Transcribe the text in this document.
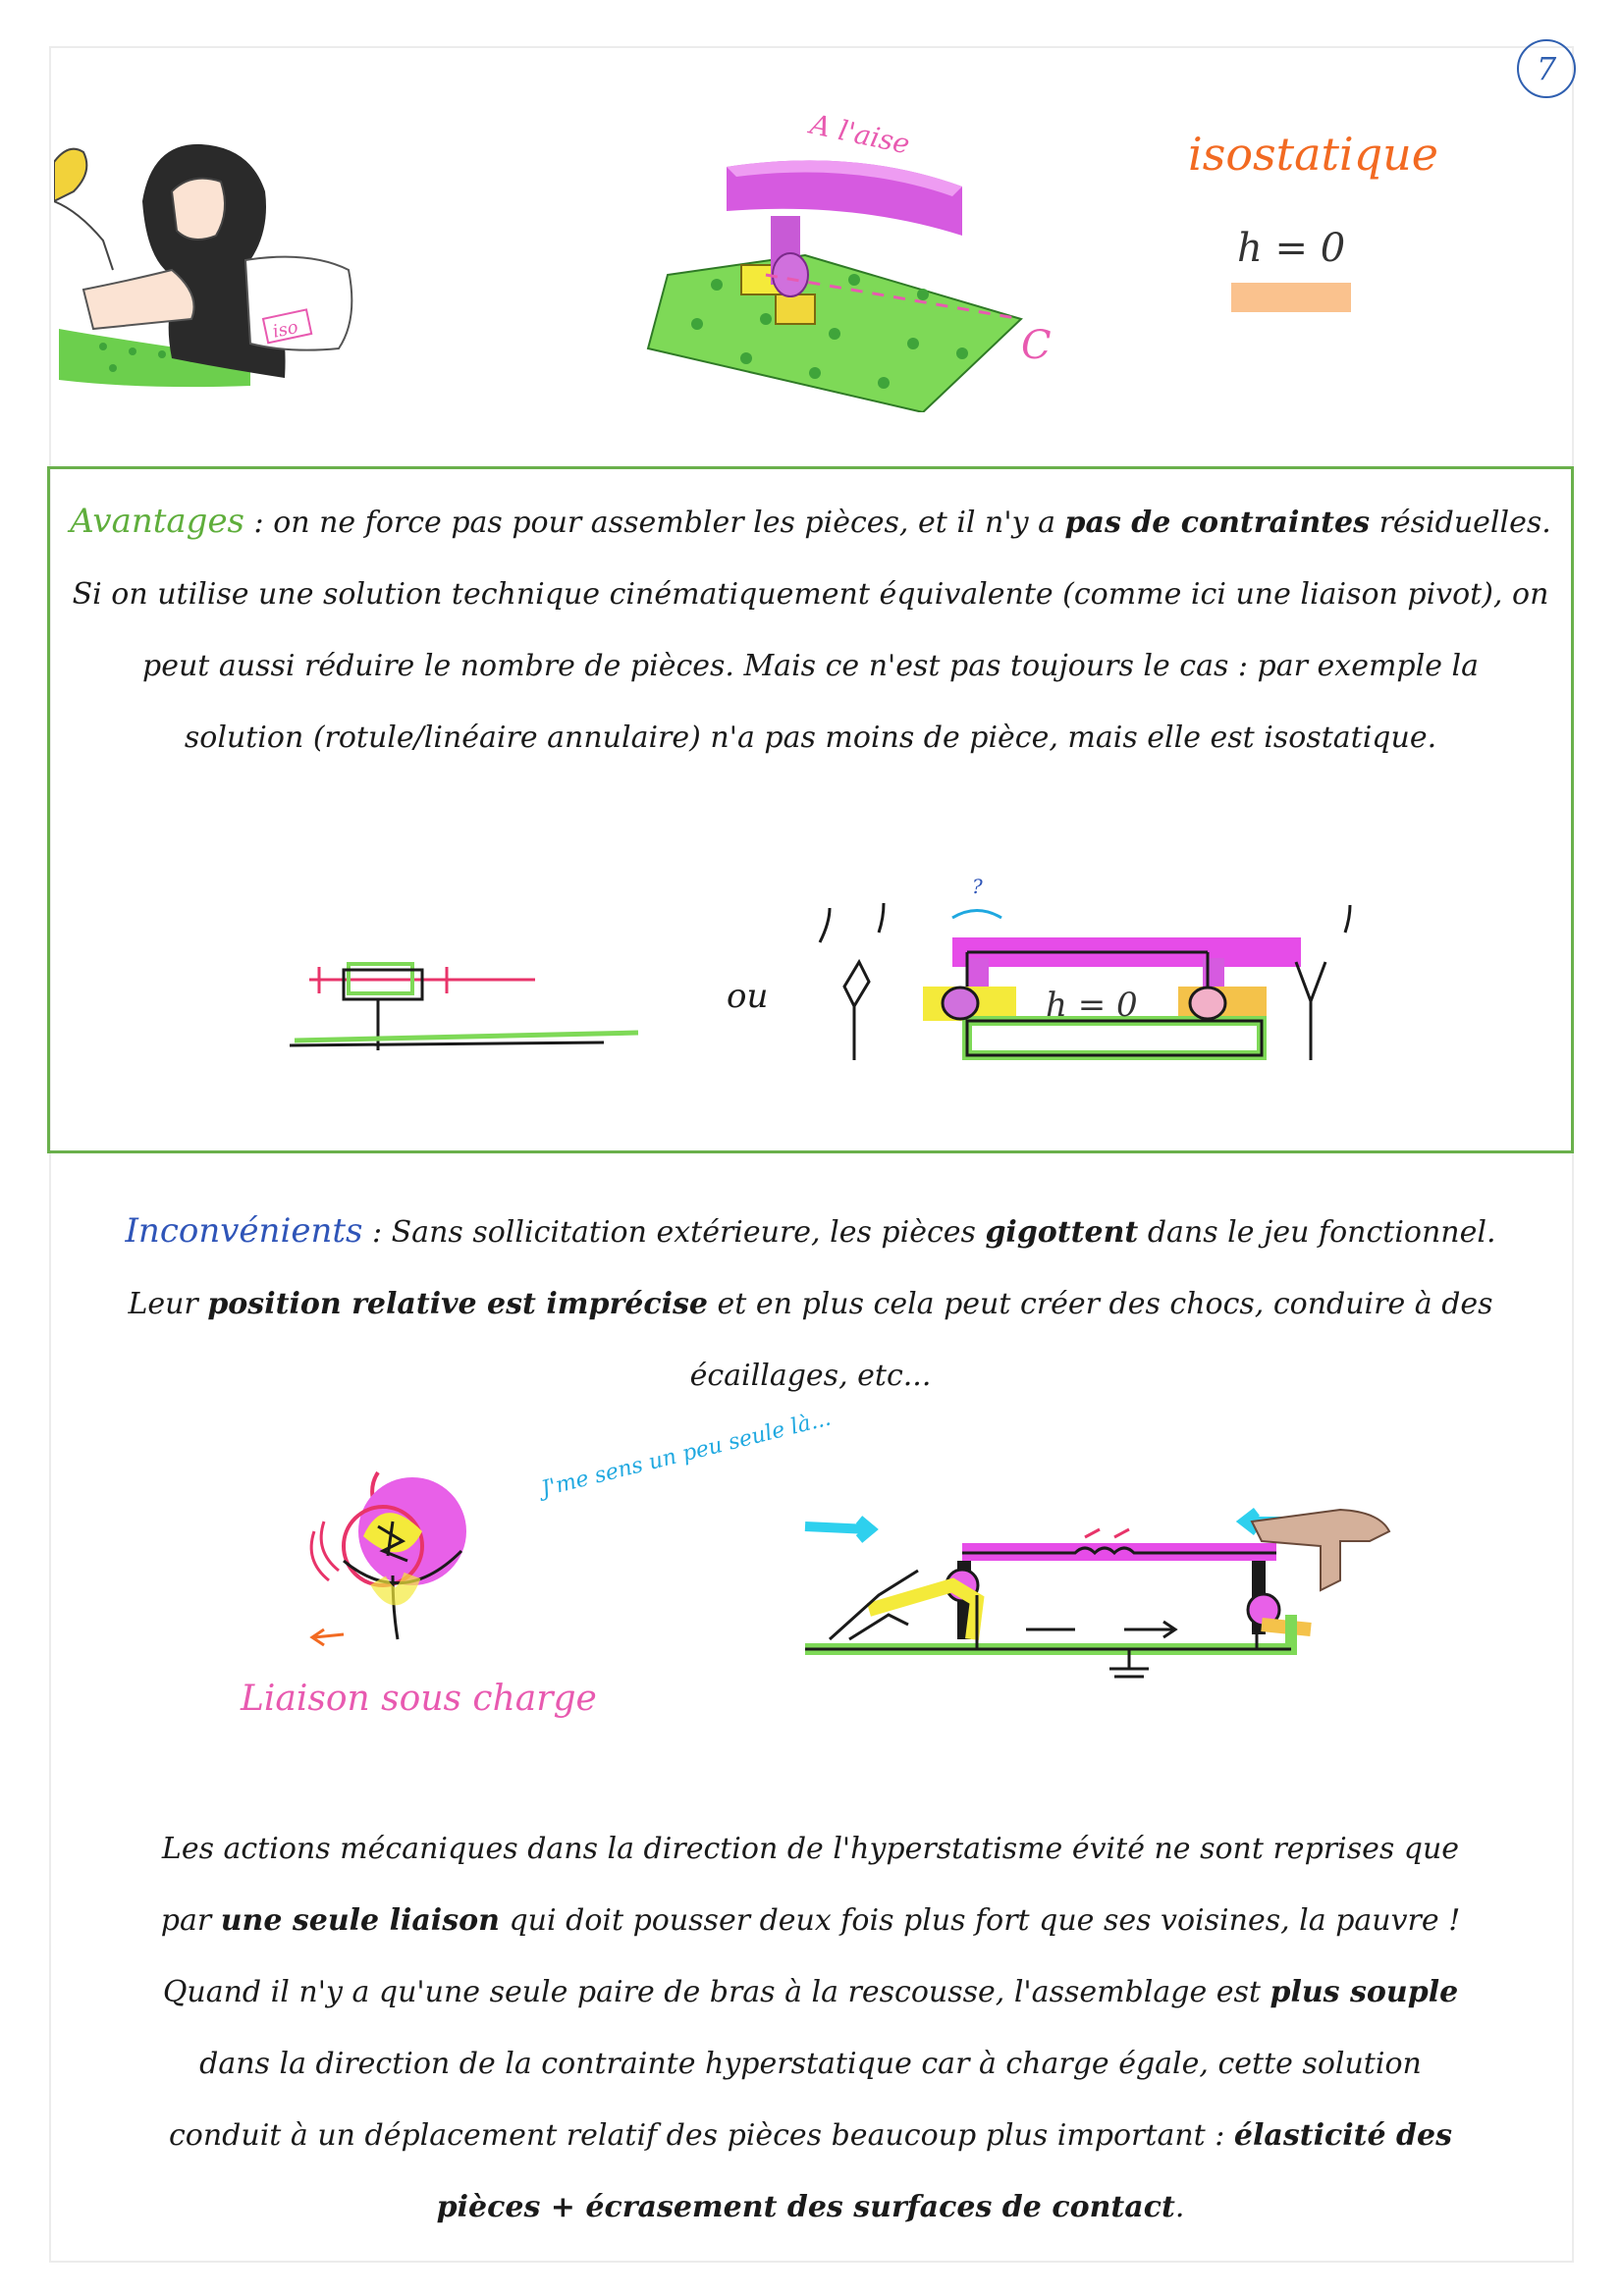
7
iso
A l'aise
C
isostatique
h = 0
Avantages : on ne force pas pour assembler les pièces, et il n'y a pas de contraintes résiduelles.
Si on utilise une solution technique cinématiquement équivalente (comme ici une liaison pivot), on
peut aussi réduire le nombre de pièces. Mais ce n'est pas toujours le cas : par exemple la
solution (rotule/linéaire annulaire) n'a pas moins de pièce, mais elle est isostatique.
ou
?
h = 0
Inconvénients : Sans sollicitation extérieure, les pièces gigottent dans le jeu fonctionnel.
Leur position relative est imprécise et en plus cela peut créer des chocs, conduire à des
écaillages, etc...
Liaison sous charge
J'me sens un peu seule là...
Les actions mécaniques dans la direction de l'hyperstatisme évité ne sont reprises que
par une seule liaison qui doit pousser deux fois plus fort que ses voisines, la pauvre !
Quand il n'y a qu'une seule paire de bras à la rescousse, l'assemblage est plus souple
dans la direction de la contrainte hyperstatique car à charge égale, cette solution
conduit à un déplacement relatif des pièces beaucoup plus important : élasticité des
pièces + écrasement des surfaces de contact.
